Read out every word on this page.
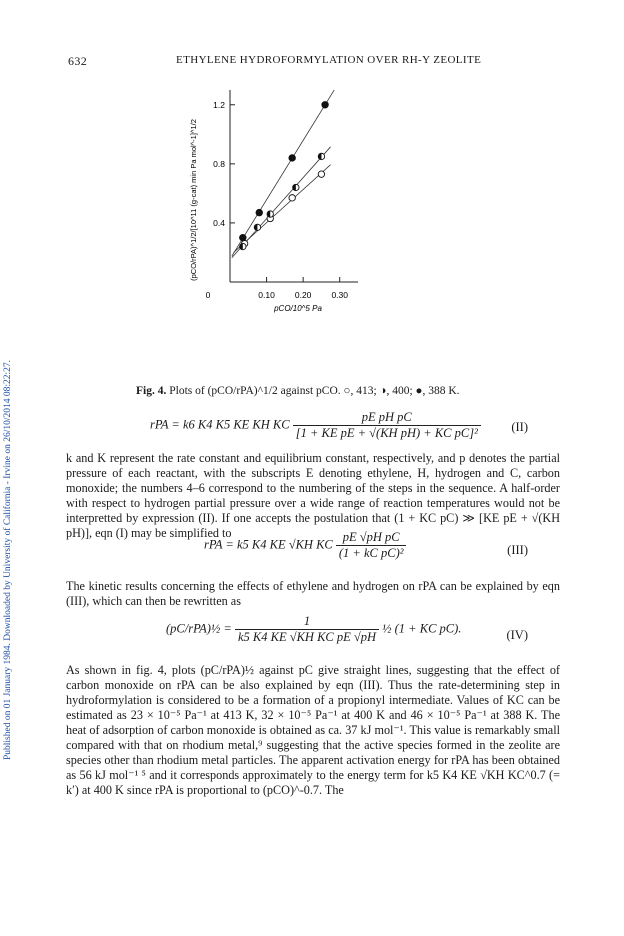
Published on 01 January 1984. Downloaded by University of California - Irvine on 26/10/2014 08:22:27.
632	ETHYLENE HYDROFORMYLATION OVER RH-Y ZEOLITE
0	0.10 0.20 0.30
0.4
0.8
1.2
(pCO/rPA)^1/2/[10^11 (g-cat) min Pa mol^-1]^1/2
pCO/10^5 Pa
Fig. 4. Plots of (pCO/rPA)^1/2 against pCO. ○, 413; ◑, 400; ●, 388 K.
rPA = k6 K4 K5 KE KH KC $\frac{\text{pE pH pC}}{\text{[1 + KE pE + √(KH pH) + KC pC]²}} (II)$
k and K represent the rate constant and equilibrium constant, respectively, and p denotes the partial pressure of each reactant, with the subscripts E denoting ethylene, H, hydrogen and C, carbon monoxide; the numbers 4–6 correspond to the numbering of the steps in the sequence. A half-order with respect to hydrogen partial pressure over a wide range of reaction temperatures would not be interpretted by expression (II). If one accepts the postulation that (1 + KC pC) ≫ [KE pE + √(KH pH)], eqn (I) may be simplified to
rPA = k5 K4 KE √KH KC $\frac{\text{pE √pH pC}}{\text{(1 + kC pC)²}}$	(III)
The kinetic results concerning the effects of ethylene and hydrogen on rPA can be explained by eqn (III), which can then be rewritten as
(pC/rPA)½ = $\frac{1}{\text{k5 K4 KE √KH KC pE √pH}}$ ½ (1 + KC pC).	(IV)
As shown in fig. 4, plots (pC/rPA)½ against pC give straight lines, suggesting that the effect of carbon monoxide on rPA can be also explained by eqn (III). Thus the rate-determining step in hydroformylation is considered to be a formation of a propionyl intermediate. Values of KC can be estimated as 23 × 10⁻⁵ Pa⁻¹ at 413 K, 32 × 10⁻⁵ Pa⁻¹ at 400 K and 46 × 10⁻⁵ Pa⁻¹ at 388 K. The heat of adsorption of carbon monoxide is obtained as ca. 37 kJ mol⁻¹. This value is remarkably small compared with that on rhodium metal,⁹ suggesting that the active species formed in the zeolite are species other than rhodium metal particles. The apparent activation energy for rPA has been obtained as 56 kJ mol⁻¹ ⁵ and it corresponds approximately to the energy term for k5 K4 KE √KH KC^0.7 (= k′) at 400 K since rPA is proportional to (pCO)^-0.7. The
